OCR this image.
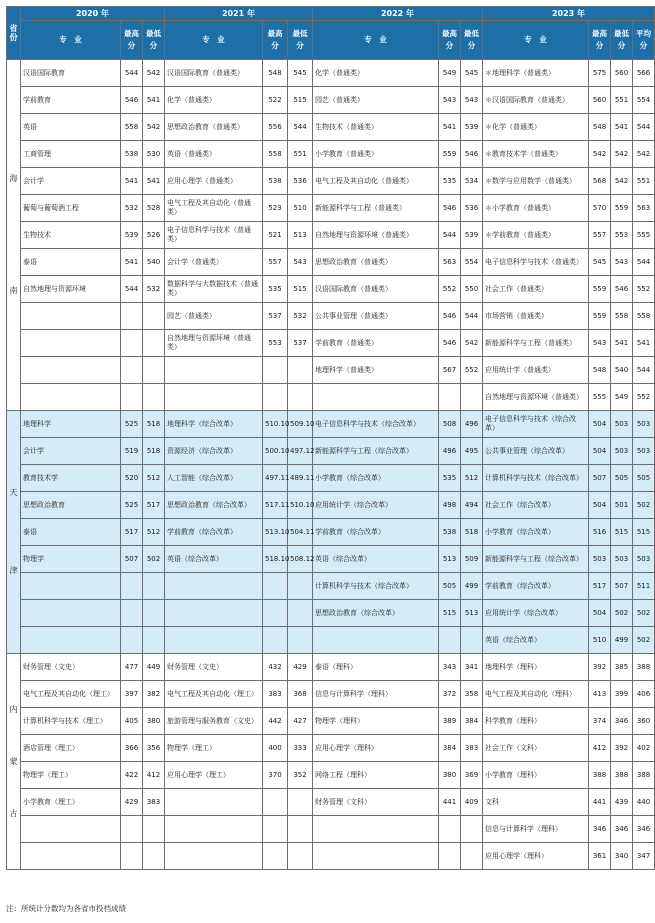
省份	2020 年			2021 年			2022 年			2023 年			
	专　业	最高分	最低分	专　业	最高分	最低分	专　业	最高分	最低分	专　业	最高分	最低分	平均分
海
南	汉语国际教育	544	542	汉语国际教育（普通类）	548	545	化学（普通类）	549	545	＊地理科学（普通类）	575	560	566
	学前教育	546	541	化学（普通类）	522	515	园艺（普通类）	543	543	＊汉语国际教育（普通类）	560	551	554
	英语	558	542	思想政治教育（普通类）	556	544	生物技术（普通类）	541	539	＊化学（普通类）	548	541	544
	工商管理	538	530	英语（普通类）	558	551	小学教育（普通类）	559	546	＊教育技术学（普通类）	542	542	542
	会计学	541	541	应用心理学（普通类）	538	536	电气工程及其自动化（普通类）	535	534	＊数学与应用数学（普通类）	568	542	551
	葡萄与葡萄酒工程	532	528	电气工程及其自动化（普通类）	523	510	新能源科学与工程（普通类）	546	536	＊小学教育（普通类）	570	559	563
	生物技术	539	526	电子信息科学与技术（普通类）	521	513	自然地理与资源环境（普通类）	544	539	＊学前教育（普通类）	557	553	555
	泰语	541	540	会计学（普通类）	557	543	思想政治教育（普通类）	563	554	电子信息科学与技术（普通类）	545	543	544
	自然地理与资源环境	544	532	数据科学与大数据技术（普通类）	535	515	汉语国际教育（普通类）	552	550	社会工作（普通类）	559	546	552
				园艺（普通类）	537	532	公共事业管理（普通类）	546	544	市场营销（普通类）	559	558	558
				自然地理与资源环境（普通类）	553	537	学前教育（普通类）	546	542	新能源科学与工程（普通类）	543	541	541
							地理科学（普通类）	567	552	应用统计学（普通类）	548	540	544
										自然地理与资源环境（普通类）	555	549	552
天
津	地理科学	525	518	地理科学（综合改革）	510.10	509.10	电子信息科学与技术（综合改革）	508	496	电子信息科学与技术（综合改革）	504	503	503
	会计学	519	518	资源经济（综合改革）	500.10	497.12	新能源科学与工程（综合改革）	496	495	公共事业管理（综合改革）	504	503	503
	教育技术学	520	512	人工智能（综合改革）	497.11	489.11	小学教育（综合改革）	535	512	计算机科学与技术（综合改革）	507	505	505
	思想政治教育	525	517	思想政治教育（综合改革）	517.11	510.10	应用统计学（综合改革）	498	494	社会工作（综合改革）	504	501	502
	泰语	517	512	学前教育（综合改革）	513.10	504.11	学前教育（综合改革）	538	518	小学教育（综合改革）	516	515	515
	物理学	507	502	英语（综合改革）	518.10	508.12	英语（综合改革）	513	509	新能源科学与工程（综合改革）	503	503	503
							计算机科学与技术（综合改革）	505	499	学前教育（综合改革）	517	507	511
							思想政治教育（综合改革）	515	513	应用统计学（综合改革）	504	502	502
										英语（综合改革）	510	499	502
内
蒙
古	财务管理（文史）	477	449	财务管理（文史）	432	429	泰语（理科）	343	341	地理科学（理科）	392	385	388
	电气工程及其自动化（理工）	397	382	电气工程及其自动化（理工）	383	368	信息与计算科学（理科）	372	358	电气工程及其自动化（理科）	413	399	406
	计算机科学与技术（理工）	405	380	旅游管理与服务教育（文史）	442	427	物理学（理科）	389	384	科学教育（理科）	374	346	360
	酒店管理（理工）	366	356	物理学（理工）	400	333	应用心理学（理科）	384	383	社会工作（文科）	412	392	402
	物理学（理工）	422	412	应用心理学（理工）	370	352	网络工程（理科）	380	369	小学教育（理科）	388	388	388
	小学教育（理工）	429	383				财务管理（文科）	441	409	文科	441	439	440
										信息与计算科学（理科）	346	346	346
										应用心理学（理科）	361	340	347
注：所统计分数均为各省市投档成绩
